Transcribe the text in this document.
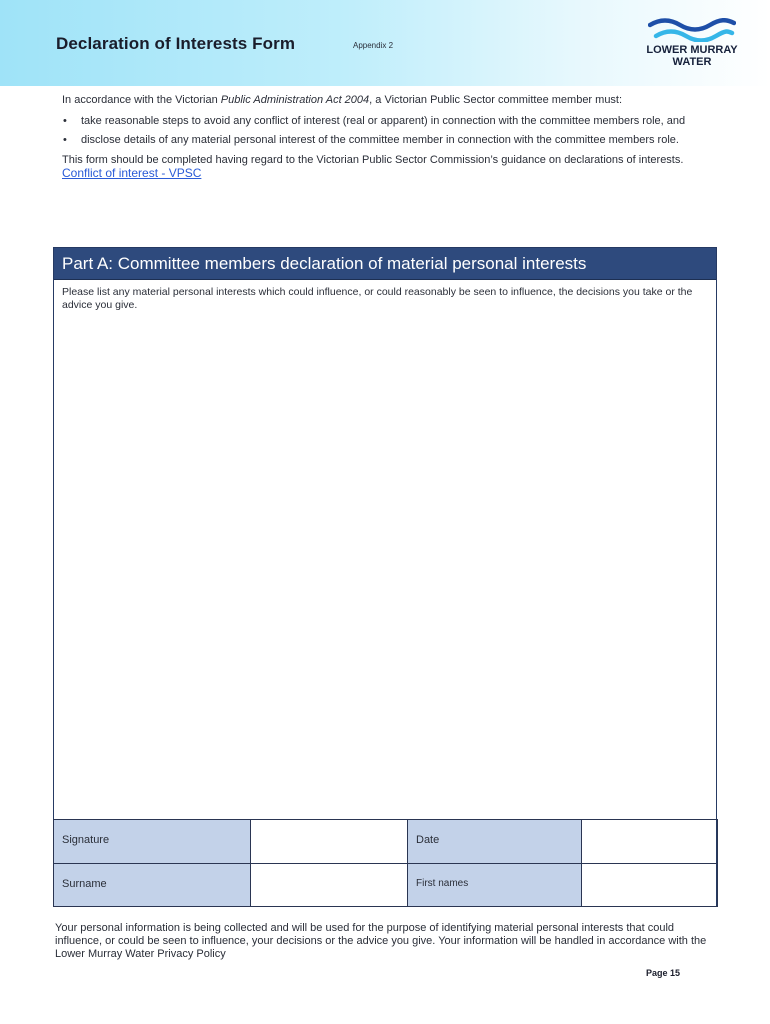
Declaration of Interests Form	Appendix 2	LOWER MURRAY
WATER

In accordance with the Victorian Public Administration Act 2004, a Victorian Public Sector committee member must:

• take reasonable steps to avoid any conflict of interest (real or apparent) in connection with the committee members role, and
• disclose details of any material personal interest of the committee member in connection with the committee members role.

This form should be completed having regard to the Victorian Public Sector Commission’s guidance on declarations of interests. Conflict of interest - VPSC

Part A: Committee members declaration of material personal interests
Please list any material personal interests which could influence, or could reasonably be seen to influence, the decisions you take or the advice you give.
Signature		Date	
Surname		First names	
Your personal information is being collected and will be used for the purpose of identifying material personal interests that could influence, or could be seen to influence, your decisions or the advice you give. Your information will be handled in accordance with the Lower Murray Water Privacy Policy
Page 15
